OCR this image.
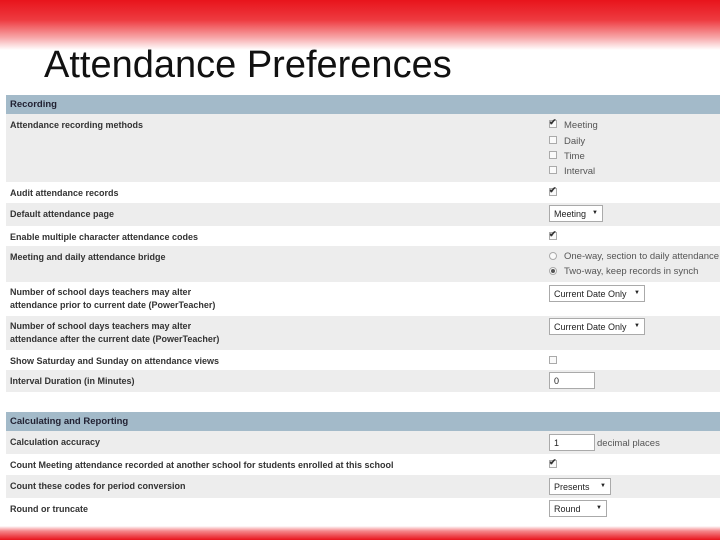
Attendance Preferences
Recording
Attendance recording methods
✔	Meeting
Daily
Time
Interval
Audit attendance records
✔
Default attendance page	Meeting ▼
Enable multiple character attendance codes
✔
Meeting and daily attendance bridge	One-way, section to daily attendance
Two-way, keep records in synch
Number of school days teachers may alter
attendance prior to current date (PowerTeacher)
Current Date Only ▼
Number of school days teachers may alter
attendance after the current date (PowerTeacher)
Current Date Only ▼
Show Saturday and Sunday on attendance views
Interval Duration (in Minutes)	0
Calculating and Reporting
Calculation accuracy	1	decimal places
Count Meeting attendance recorded at another school for students enrolled at this school
✔
Count these codes for period conversion	Presents ▼
Round or truncate	Round	▼
